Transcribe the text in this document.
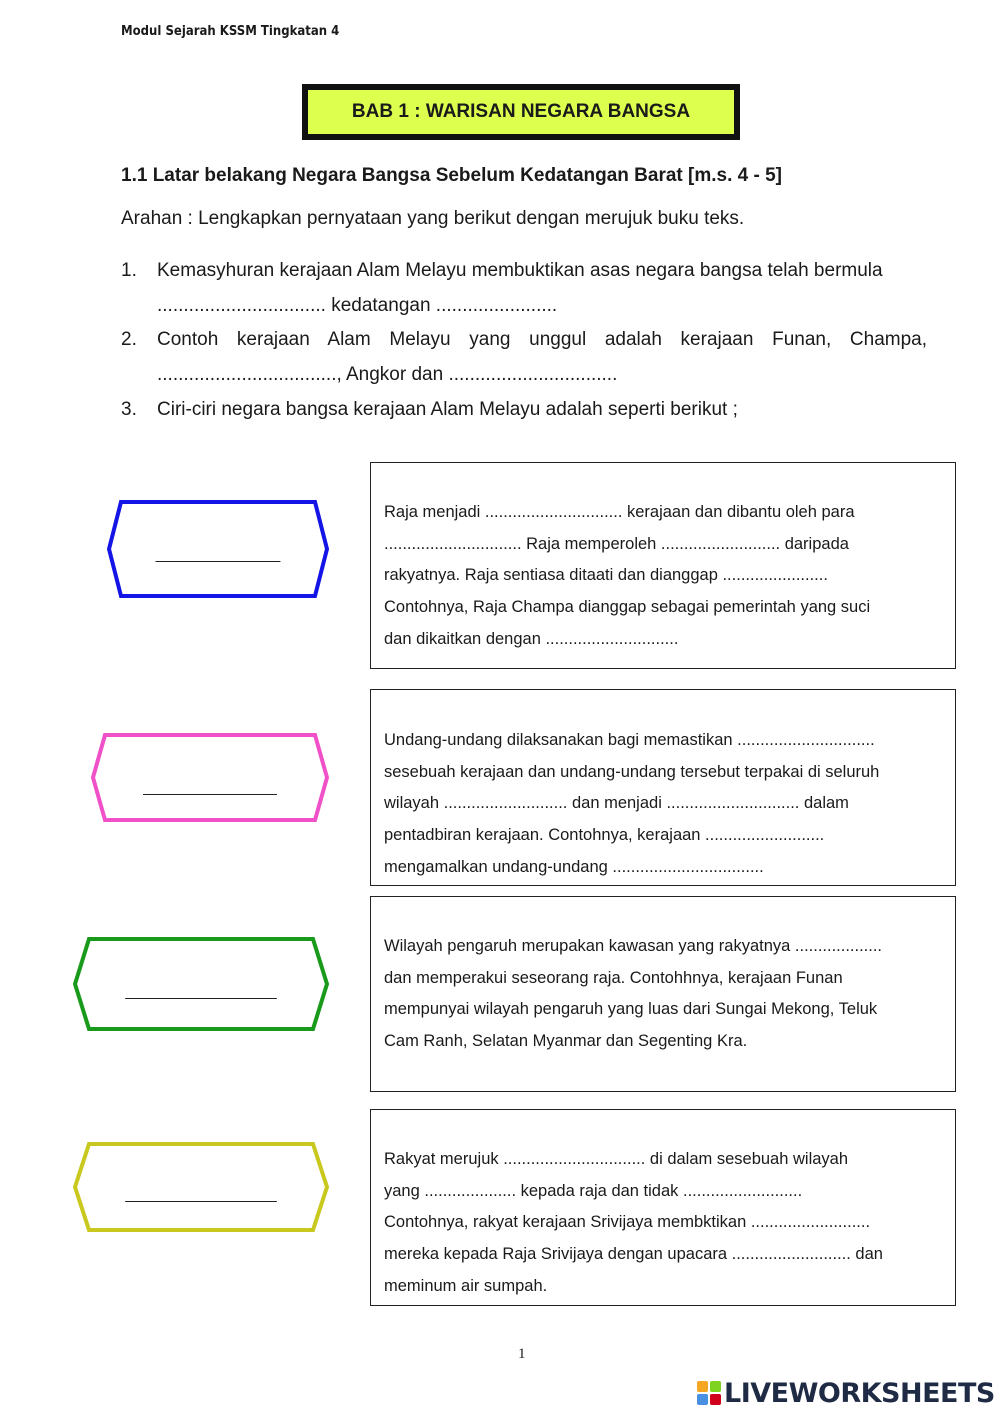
Modul Sejarah KSSM Tingkatan 4
BAB 1 : WARISAN NEGARA BANGSA
1.1 Latar belakang Negara Bangsa Sebelum Kedatangan Barat [m.s. 4 - 5]
Arahan : Lengkapkan pernyataan yang berikut dengan merujuk buku teks.
1. Kemasyhuran kerajaan Alam Melayu membuktikan asas negara bangsa telah bermula
................................ kedatangan .......................
2. Contoh kerajaan Alam Melayu yang unggul adalah kerajaan Funan, Champa,
.................................., Angkor dan ................................
3. Ciri-ciri negara bangsa kerajaan Alam Melayu adalah seperti berikut ;
______________
Raja menjadi .............................. kerajaan dan dibantu oleh para
.............................. Raja memperoleh .......................... daripada
rakyatnya. Raja sentiasa ditaati dan dianggap .......................
Contohnya, Raja Champa dianggap sebagai pemerintah yang suci
dan dikaitkan dengan .............................
_______________
Undang-undang dilaksanakan bagi memastikan ..............................
sesebuah kerajaan dan undang-undang tersebut terpakai di seluruh
wilayah ........................... dan menjadi ............................. dalam
pentadbiran kerajaan. Contohnya, kerajaan ..........................
mengamalkan undang-undang .................................
_________________
Wilayah pengaruh merupakan kawasan yang rakyatnya ...................
dan memperakui seseorang raja. Contohhnya, kerajaan Funan
mempunyai wilayah pengaruh yang luas dari Sungai Mekong, Teluk
Cam Ranh, Selatan Myanmar dan Segenting Kra.
_________________
Rakyat merujuk ............................... di dalam sesebuah wilayah
yang .................... kepada raja dan tidak ..........................
Contohnya, rakyat kerajaan Srivijaya membktikan ..........................
mereka kepada Raja Srivijaya dengan upacara .......................... dan
meminum air sumpah.
1
LIVEWORKSHEETS
